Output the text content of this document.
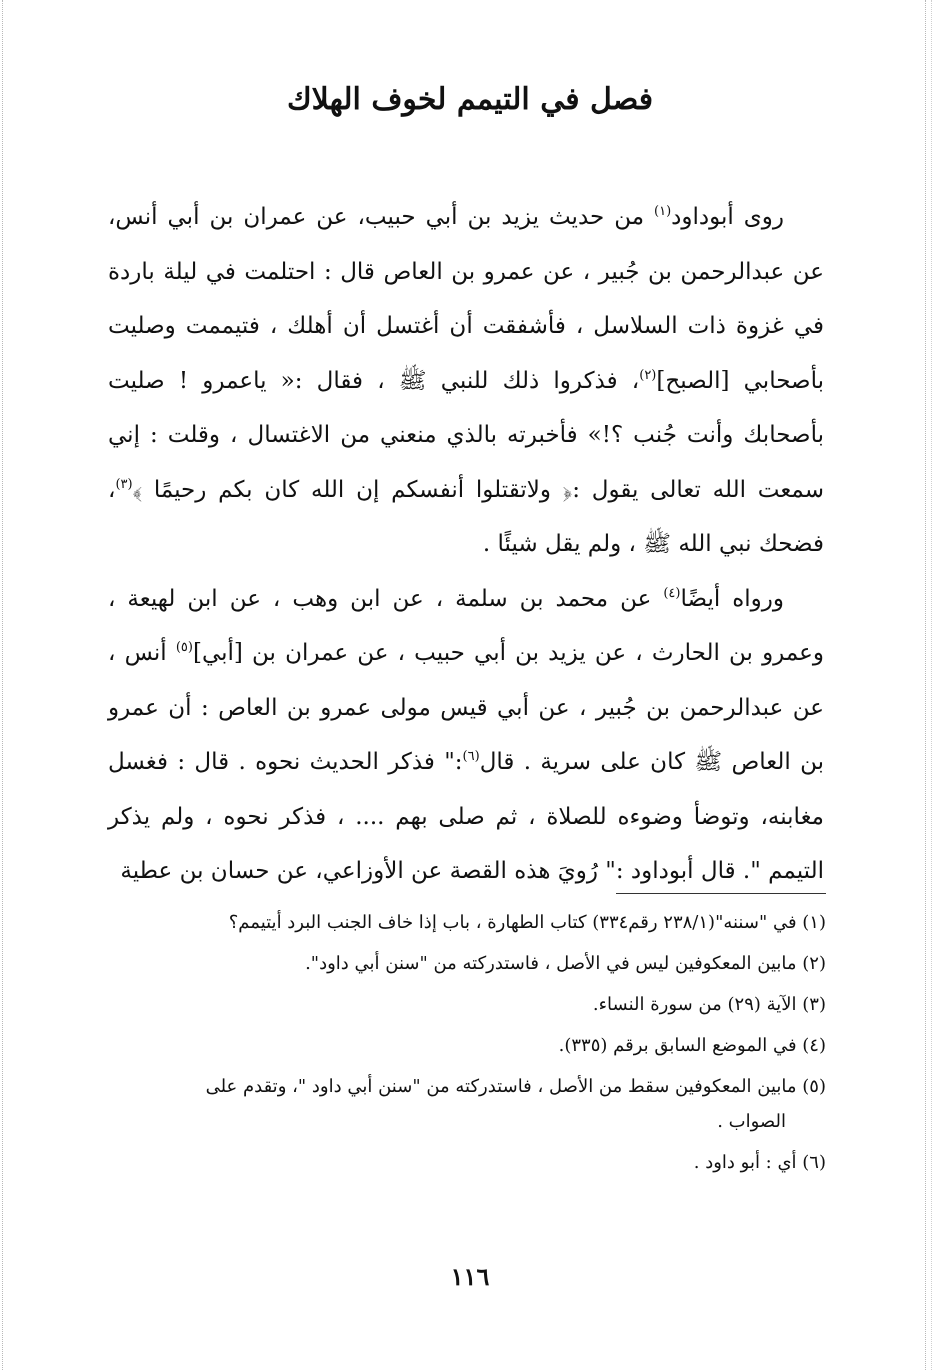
فصل في التيمم لخوف الهلاك

روى أبوداود$^{(١)}$ من حديث يزيد بن أبي حبيب، عن عمران بن أبي أنس، عن عبدالرحمن بن جُبير ، عن عمرو بن العاص قال : احتلمت في ليلة باردة في غزوة ذات السلاسل ، فأشفقت أن أغتسل أن أهلك ، فتيممت وصليت بأصحابي [الصبح]$^{(٢)}$، فذكروا ذلك للنبي ﷺ ، فقال :« ياعمرو ! صليت بأصحابك وأنت جُنب ؟!» فأخبرته بالذي منعني من الاغتسال ، وقلت : إني سمعت الله تعالى يقول :﴿ ولاتقتلوا أنفسكم إن الله كان بكم رحيمًا ﴾$^{(٣)}$، فضحك نبي الله ﷺ ، ولم يقل شيئًا .

ورواه أيضًا$^{(٤)}$ عن محمد بن سلمة ، عن ابن وهب ، عن ابن لهيعة ، وعمرو بن الحارث ، عن يزيد بن أبي حبيب ، عن عمران بن [أبي]$^{(٥)}$ أنس ، عن عبدالرحمن بن جُبير ، عن أبي قيس مولى عمرو بن العاص : أن عمرو بن العاص ﷺ كان على سرية . قال$^{(٦)}$:" فذكر الحديث نحوه . قال : فغسل مغابنه، وتوضأ وضوءه للصلاة ، ثم صلى بهم .... ، فذكر نحوه ، ولم يذكر التيمم ". قال أبوداود :" رُويَ هذه القصة عن الأوزاعي، عن حسان بن عطية

(١) في "سننه"(٢٣٨/١ رقم٣٣٤) كتاب الطهارة ، باب إذا خاف الجنب البرد أيتيمم؟

(٢) مابين المعكوفين ليس في الأصل ، فاستدركته من "سنن أبي داود".

(٣) الآية (٢٩) من سورة النساء.

(٤) في الموضع السابق برقم (٣٣٥).

(٥) مابين المعكوفين سقط من الأصل ، فاستدركته من "سنن أبي داود "، وتقدم على

الصواب .

(٦) أي : أبو داود .

١١٦
